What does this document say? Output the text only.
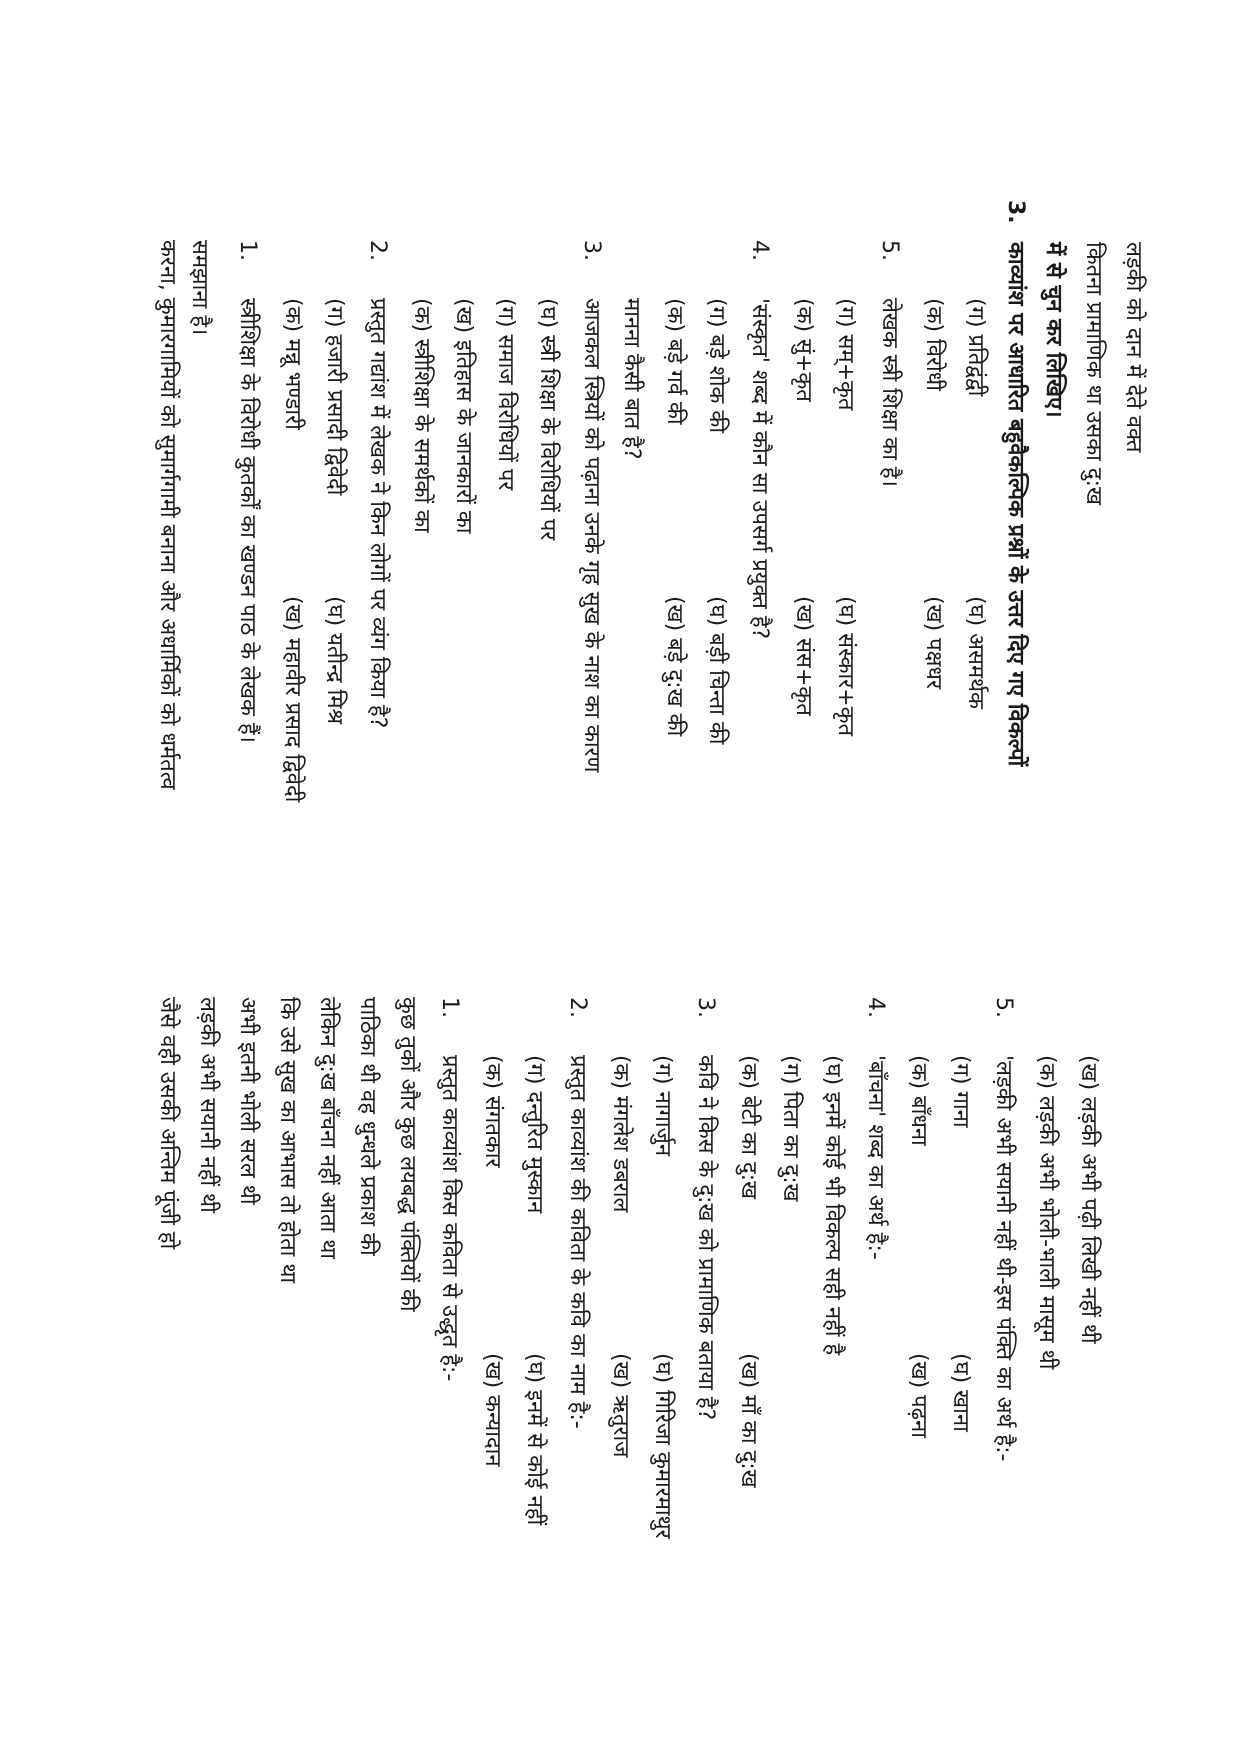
करना, कुमारगामियों को सुमार्गगामी बनाना और अधार्मिकों को धर्मतत्व समझाना है। 1.स्त्रीशिक्षा के विरोधी कुतर्कों का खण्डन पाठ के लेखक हैं। (क) मन्नू भण्डारी
(ख) महावीर प्रसाद द्विवेदी
(ग) हजारी प्रसादी द्विवेदी
(घ) यतीन्द्र मिश्र
2.प्रस्तुत गद्यांश में लेखक ने किन लोगों पर व्यंग किया है? (क) स्त्रीशिक्षा के समर्थकों का (ख) इतिहास के जानकारों का (ग) समाज विरोधियों पर (घ) स्त्री शिक्षा के विरोधियों पर
3.आजकल स्त्रियों को पढ़ाना उनके गृह सुख के नाश का कारण मानना कैसी बात है? (क) बड़े गर्व की
(ख) बड़े दु:ख की
(ग) बड़े शोक की
(घ) बड़ी चिन्ता की
4.'संस्कृत' शब्द में कौन सा उपसर्ग प्रयुक्त है? (क) सुं+कृत
(ख) संस+कृत
(ग) सम्+कृत
(घ) संस्कार+कृत
5.लेखक स्त्री शिक्षा का है। (क) विरोधी
(ख) पक्षधर
(ग) प्रतिद्वंद्वी
(घ) असमर्थक
3.काव्यांश पर आधारित बहुवैकल्पिक प्रश्नों के उत्तर दिए गए विकल्पों में से चुन कर लिखिए। कितना प्रामाणिक था उसका दु:ख लड़की को दान में देते वक्त
जैसे वही उसकी अन्तिम पूंजी हो लड़की अभी सयानी नहीं थी अभी इतनी भोली सरल थी कि उसे सुख का आभास तो होता था लेकिन दु:ख बाँचना नहीं आता था पाठिका थी वह धुन्धले प्रकाश की कुछ तुकों और कुछ लयबद्ध पंक्तियों की 1.प्रस्तुत काव्यांश किस कविता से उद्धृत है:- (क) संगतकार
(ख) कन्यादान
(ग) दन्तुरित मुस्कान
(घ) इनमें से कोई नहीं
2.प्रस्तुत काव्यांश की कविता के कवि का नाम है:- (क) मंगलेश डबराल
(ख) ऋतुराज
(ग) नागार्जुन
(घ) गिरिजा कुमारमाथुर
3.कवि ने किस के दु:ख को प्रामाणिक बताया है? (क) बेटी का दु:ख
(ख) माँ का दु:ख
(ग) पिता का दु:ख (घ) इनमें कोई भी विकल्प सही नहीं है
4.'बाँचना' शब्द का अर्थ है:- (क) बाँधना
(ख) पढ़ना
(ग) गाना
(घ) खाना
5.'लड़की अभी सयानी नहीं थी-इस पंक्ति का अर्थ है:- (क) लड़की अभी भोली-भाली मासूम थी (ख) लड़की अभी पढ़ी लिखी नहीं थी
